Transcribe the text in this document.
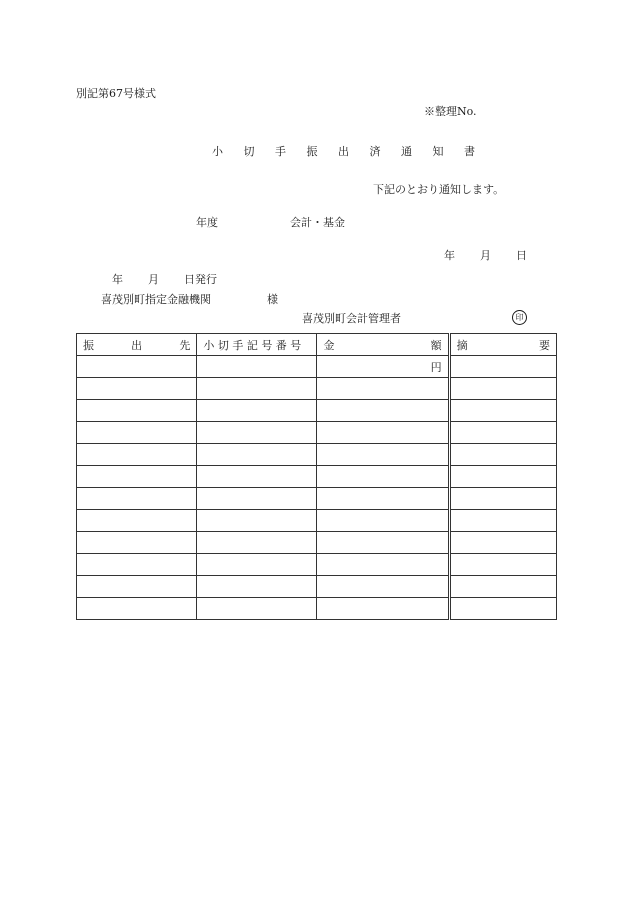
別記第67号様式
※整理No.
小 切 手 振 出 済 通 知 書
下記のとおり通知します。
年度	会計・基金
年 月 日
年 月 日発行
喜茂別町指定金融機関	様
喜茂別町会計管理者	印
振 出 先	小 切 手 記 号 番 号	金 額	摘 要

		円	
